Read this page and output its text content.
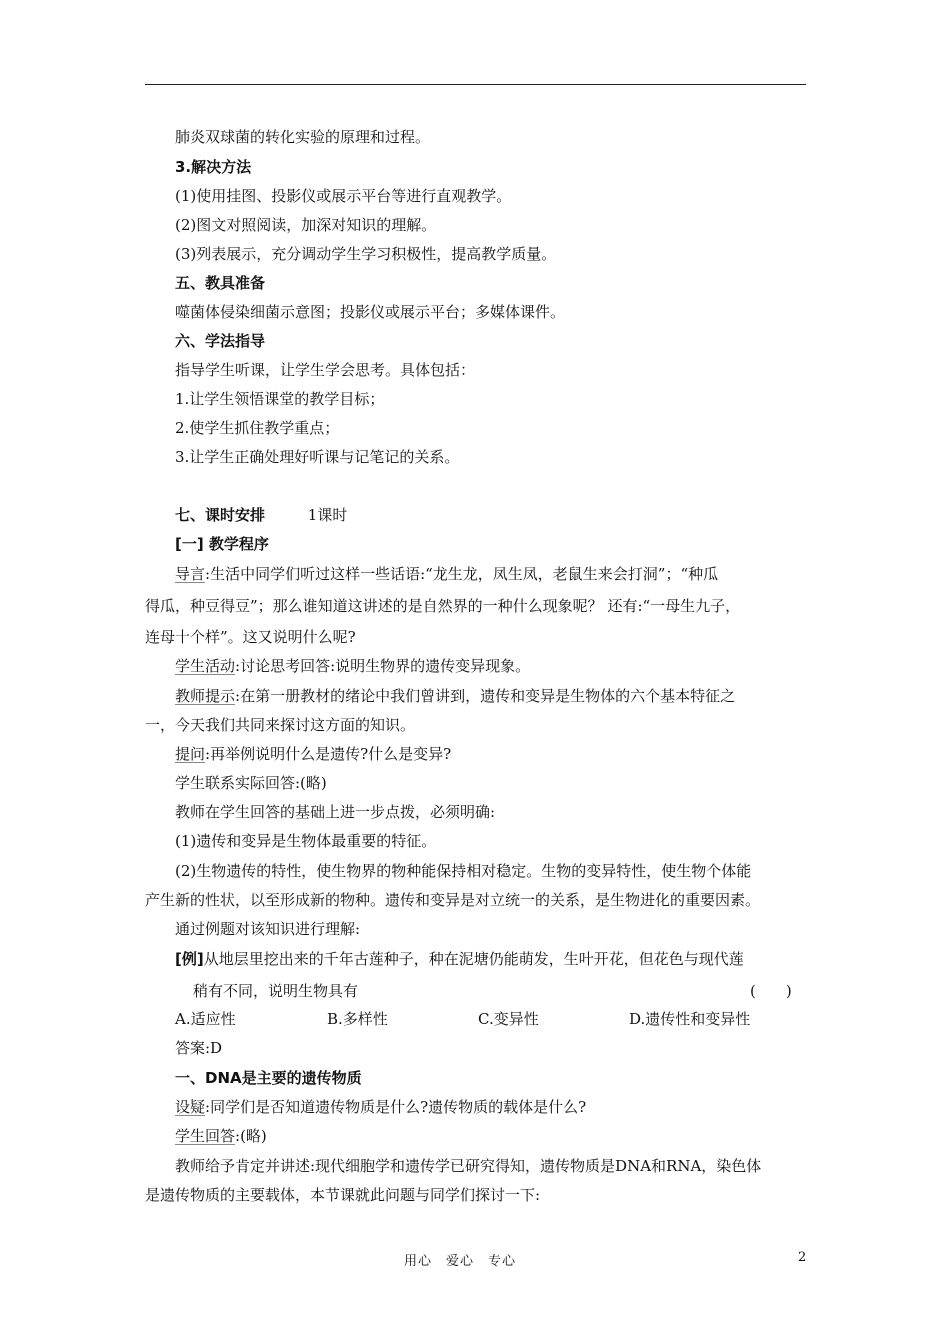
肺炎双球菌的转化实验的原理和过程。
3.解决方法
(1)使用挂图、投影仪或展示平台等进行直观教学。
(2)图文对照阅读，加深对知识的理解。
(3)列表展示，充分调动学生学习积极性，提高教学质量。
五、教具准备
噬菌体侵染细菌示意图；投影仪或展示平台；多媒体课件。
六、学法指导
指导学生听课，让学生学会思考。具体包括：
1.让学生领悟课堂的教学目标；
2.使学生抓住教学重点；
3.让学生正确处理好听课与记笔记的关系。
七、课时安排	1课时
[一] 教学程序
导言:生活中同学们听过这样一些话语:“龙生龙，凤生凤，老鼠生来会打洞”；“种瓜
得瓜，种豆得豆”；那么谁知道这讲述的是自然界的一种什么现象呢？ 还有:“一母生九子，
连母十个样”。这又说明什么呢?
学生活动:讨论思考回答:说明生物界的遗传变异现象。
教师提示:在第一册教材的绪论中我们曾讲到，遗传和变异是生物体的六个基本特征之
一，今天我们共同来探讨这方面的知识。
提问:再举例说明什么是遗传?什么是变异?
学生联系实际回答:(略)
教师在学生回答的基础上进一步点拨，必须明确:
(1)遗传和变异是生物体最重要的特征。
(2)生物遗传的特性，使生物界的物种能保持相对稳定。生物的变异特性，使生物个体能
产生新的性状，以至形成新的物种。遗传和变异是对立统一的关系，是生物进化的重要因素。
通过例题对该知识进行理解:
[例]从地层里挖出来的千年古莲种子，种在泥塘仍能萌发，生叶开花，但花色与现代莲
稍有不同，说明生物具有	(　　)
A.适应性	B.多样性	C.变异性	D.遗传性和变异性
答案:D
一、DNA是主要的遗传物质
设疑:同学们是否知道遗传物质是什么?遗传物质的载体是什么?
学生回答:(略)
教师给予肯定并讲述:现代细胞学和遗传学已研究得知，遗传物质是DNA和RNA，染色体
是遗传物质的主要载体，本节课就此问题与同学们探讨一下:
用心　爱心　专心	2
